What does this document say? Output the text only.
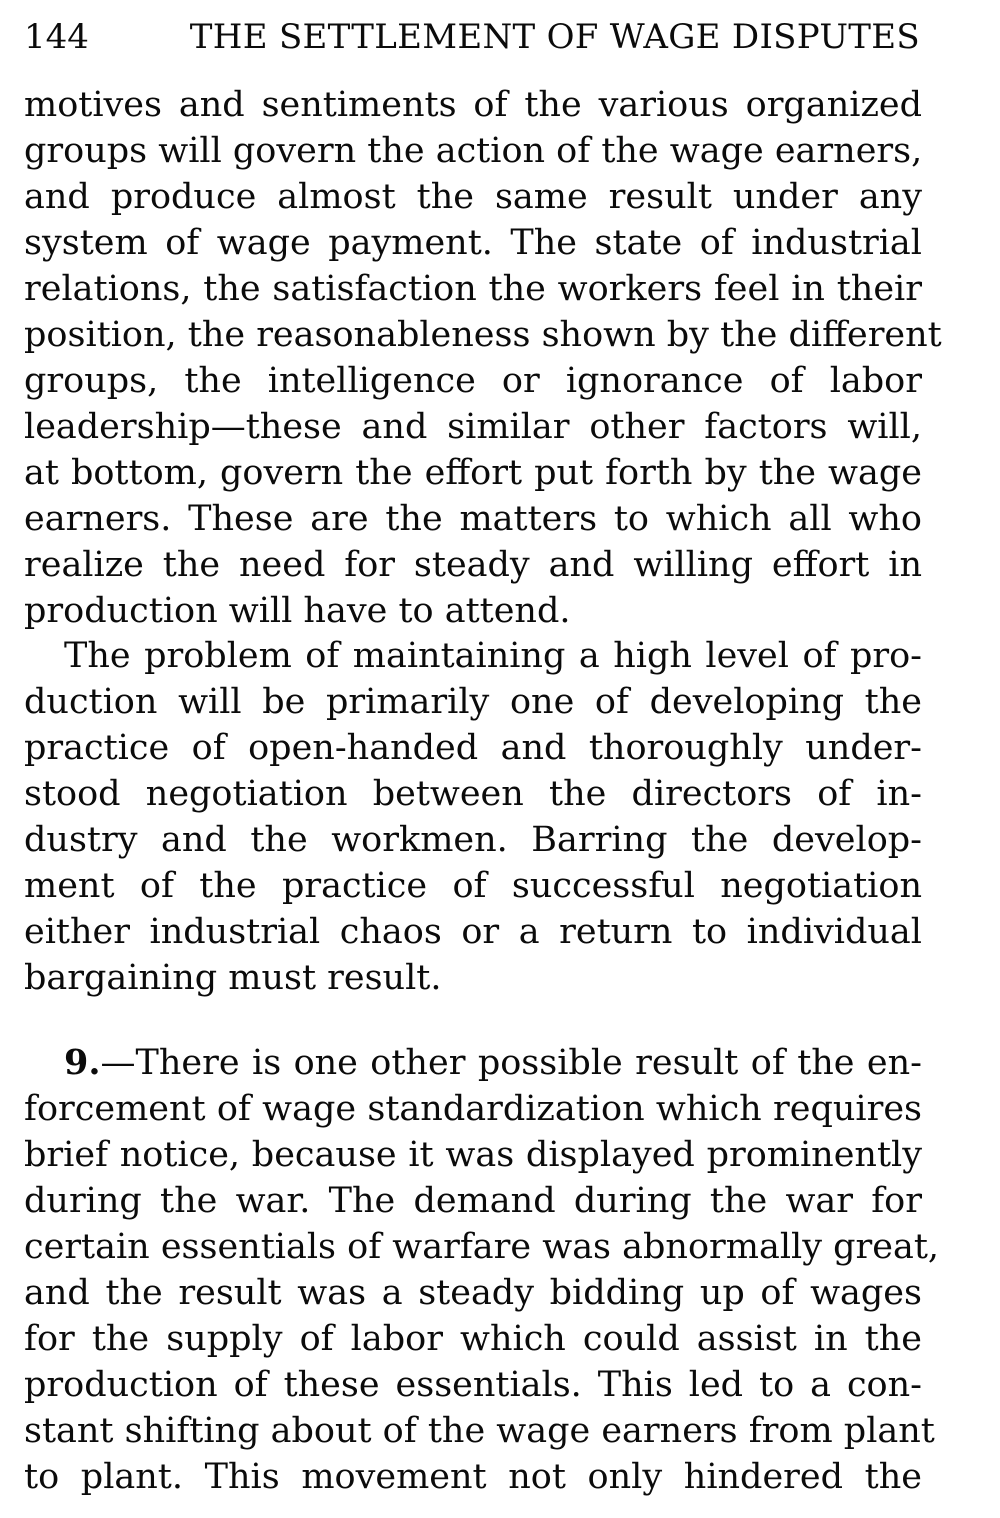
144	THE SETTLEMENT OF WAGE DISPUTES
motives and sentiments of the various organized
groups will govern the action of the wage earners,
and produce almost the same result under any
system of wage payment. The state of industrial
relations, the satisfaction the workers feel in their
position, the reasonableness shown by the different
groups, the intelligence or ignorance of labor
leadership—these and similar other factors will,
at bottom, govern the effort put forth by the wage
earners. These are the matters to which all who
realize the need for steady and willing effort in
production will have to attend.
The problem of maintaining a high level of pro-
duction will be primarily one of developing the
practice of open-handed and thoroughly under-
stood negotiation between the directors of in-
dustry and the workmen. Barring the develop-
ment of the practice of successful negotiation
either industrial chaos or a return to individual
bargaining must result.
9.—There is one other possible result of the en-
forcement of wage standardization which requires
brief notice, because it was displayed prominently
during the war. The demand during the war for
certain essentials of warfare was abnormally great,
and the result was a steady bidding up of wages
for the supply of labor which could assist in the
production of these essentials. This led to a con-
stant shifting about of the wage earners from plant
to plant. This movement not only hindered the
